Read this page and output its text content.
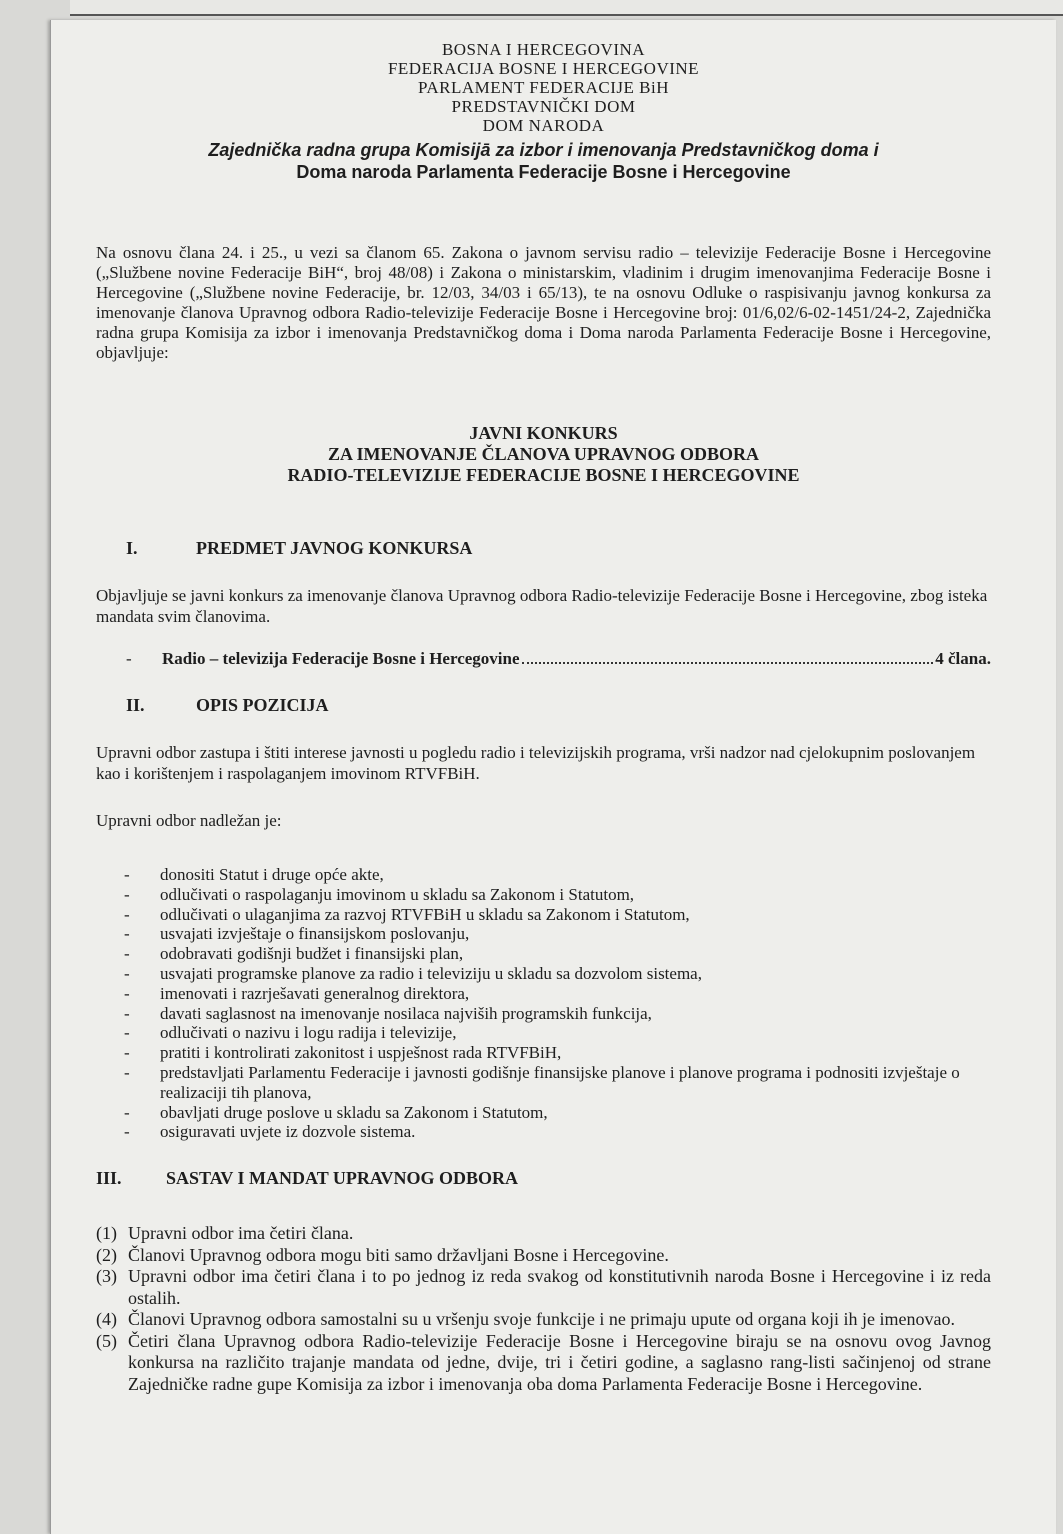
BOSNA I HERCEGOVINA
FEDERACIJA BOSNE I HERCEGOVINE
PARLAMENT FEDERACIJE BiH
PREDSTAVNIČKI DOM
DOM NARODA
Zajednička radna grupa Komisijā za izbor i imenovanja Predstavničkog doma i
Doma naroda Parlamenta Federacije Bosne i Hercegovine
Na osnovu člana 24. i 25., u vezi sa članom 65. Zakona o javnom servisu radio – televizije Federacije Bosne i Hercegovine („Službene novine Federacije BiH“, broj 48/08) i Zakona o ministarskim, vladinim i drugim imenovanjima Federacije Bosne i Hercegovine („Službene novine Federacije, br. 12/03, 34/03 i 65/13), te na osnovu Odluke o raspisivanju javnog konkursa za imenovanje članova Upravnog odbora Radio-televizije Federacije Bosne i Hercegovine broj: 01/6,02/6-02-1451/24-2, Zajednička radna grupa Komisija za izbor i imenovanja Predstavničkog doma i Doma naroda Parlamenta Federacije Bosne i Hercegovine, objavljuje:
JAVNI KONKURS
ZA IMENOVANJE ČLANOVA UPRAVNOG ODBORA
RADIO-TELEVIZIJE FEDERACIJE BOSNE I HERCEGOVINE
I.	PREDMET JAVNOG KONKURSA
Objavljuje se javni konkurs za imenovanje članova Upravnog odbora Radio-televizije Federacije Bosne i Hercegovine, zbog isteka mandata svim članovima.
-	Radio – televizija Federacije Bosne i Hercegovine	4 člana.
II.	OPIS POZICIJA
Upravni odbor zastupa i štiti interese javnosti u pogledu radio i televizijskih programa, vrši nadzor nad cjelokupnim poslovanjem kao i korištenjem i raspolaganjem imovinom RTVFBiH.
Upravni odbor nadležan je:
-	donositi Statut i druge opće akte,
-	odlučivati o raspolaganju imovinom u skladu sa Zakonom i Statutom,
-	odlučivati o ulaganjima za razvoj RTVFBiH u skladu sa Zakonom i Statutom,
-	usvajati izvještaje o finansijskom poslovanju,
-	odobravati godišnji budžet i finansijski plan,
-	usvajati programske planove za radio i televiziju u skladu sa dozvolom sistema,
-	imenovati i razrješavati generalnog direktora,
-	davati saglasnost na imenovanje nosilaca najviših programskih funkcija,
-	odlučivati o nazivu i logu radija i televizije,
-	pratiti i kontrolirati zakonitost i uspješnost rada RTVFBiH,
-	predstavljati Parlamentu Federacije i javnosti godišnje finansijske planove i planove programa i podnositi izvještaje o realizaciji tih planova,
-	obavljati druge poslove u skladu sa Zakonom i Statutom,
-	osiguravati uvjete iz dozvole sistema.
III.	SASTAV I MANDAT UPRAVNOG ODBORA
(1) Upravni odbor ima četiri člana.
(2) Članovi Upravnog odbora mogu biti samo državljani Bosne i Hercegovine.
(3) Upravni odbor ima četiri člana i to po jednog iz reda svakog od konstitutivnih naroda Bosne i Hercegovine i iz reda ostalih.
(4) Članovi Upravnog odbora samostalni su u vršenju svoje funkcije i ne primaju upute od organa koji ih je imenovao.
(5) Četiri člana Upravnog odbora Radio-televizije Federacije Bosne i Hercegovine biraju se na osnovu ovog Javnog konkursa na različito trajanje mandata od jedne, dvije, tri i četiri godine, a saglasno rang-listi sačinjenoj od strane Zajedničke radne gupe Komisija za izbor i imenovanja oba doma Parlamenta Federacije Bosne i Hercegovine.
